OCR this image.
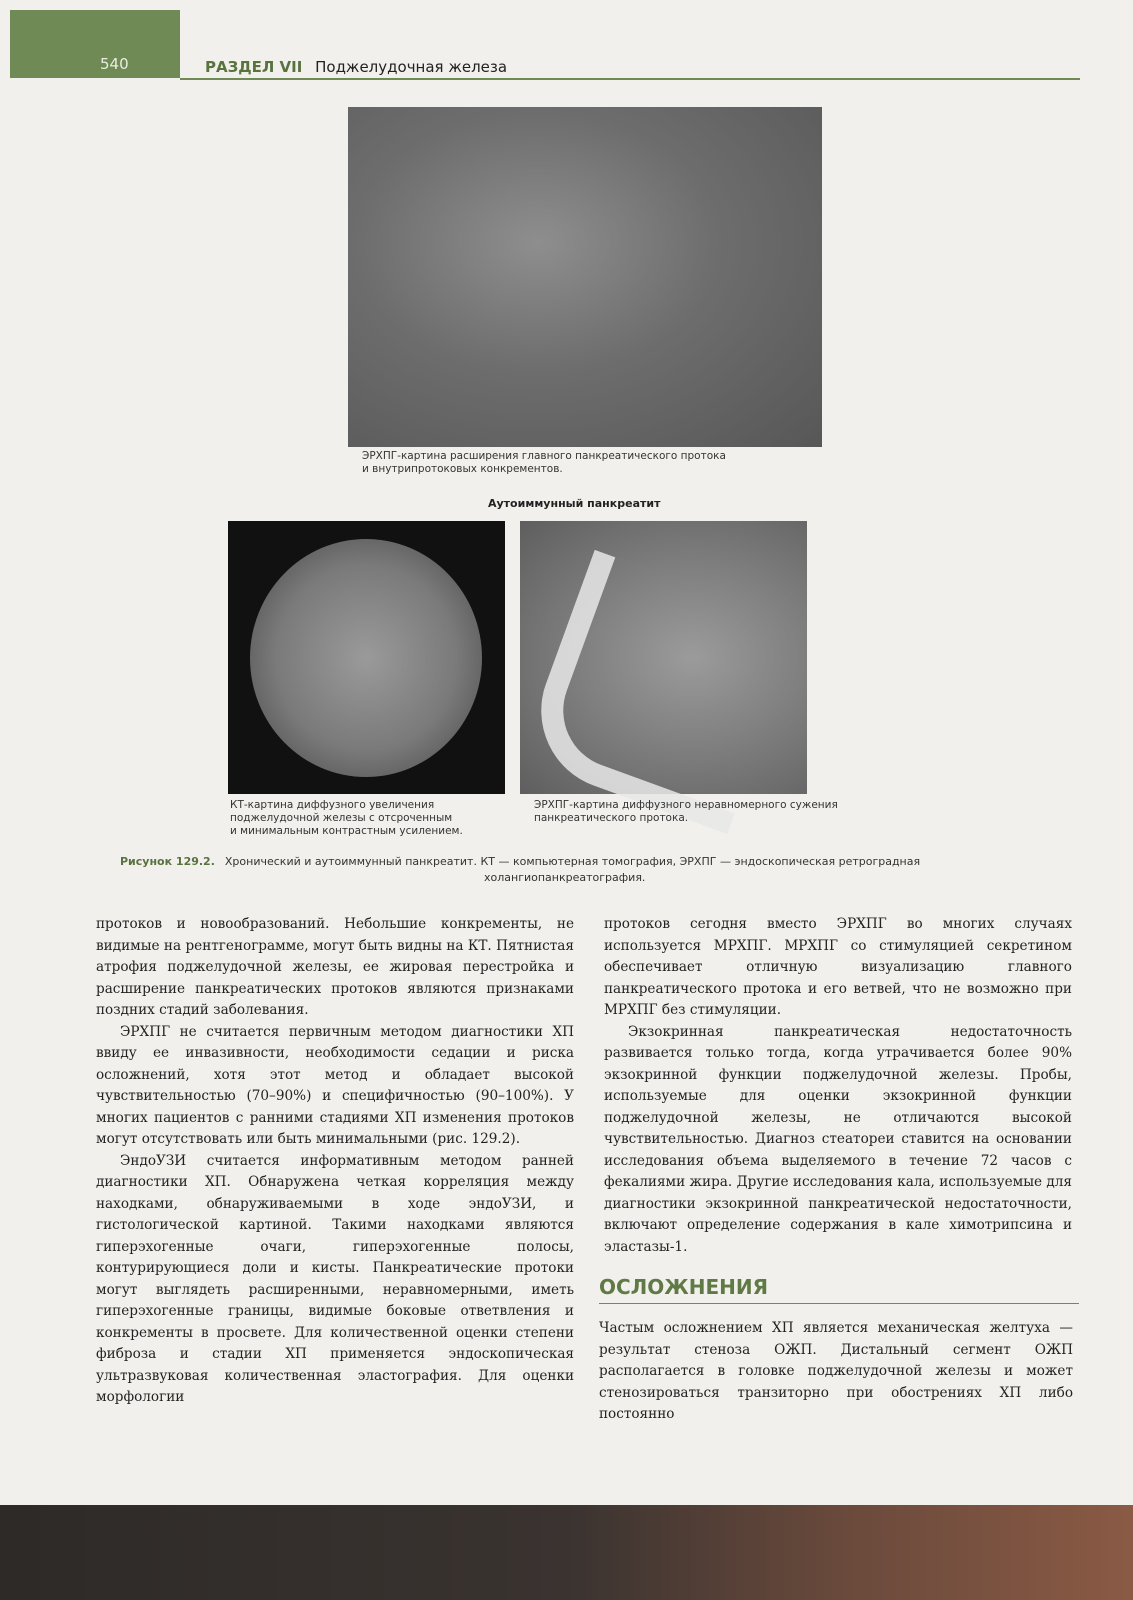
540	РАЗДЕЛ VII Поджелудочная железа
ЭРХПГ-картина расширения главного панкреатического протока
и внутрипротоковых конкрементов.
Аутоиммунный панкреатит
КТ-картина диффузного увеличения
поджелудочной железы с отсроченным
и минимальным контрастным усилением.
ЭРХПГ-картина диффузного неравномерного сужения
панкреатического протока.
Рисунок 129.2. Хронический и аутоиммунный панкреатит. КТ — компьютерная томография, ЭРХПГ — эндоскопическая ретроградная
холангиопанкреатография.

протоков и новообразований. Небольшие конкременты, не видимые на рентгенограмме, могут быть видны на КТ. Пятнистая атрофия поджелудочной железы, ее жировая перестройка и расширение панкреатических протоков являются признаками поздних стадий заболевания.

ЭРХПГ не считается первичным методом диагностики ХП ввиду ее инвазивности, необходимости седации и риска осложнений, хотя этот метод и обладает высокой чувствительностью (70–90%) и специфичностью (90–100%). У многих пациентов с ранними стадиями ХП изменения протоков могут отсутствовать или быть минимальными (рис. 129.2).

ЭндоУЗИ считается информативным методом ранней диагностики ХП. Обнаружена четкая корреляция между находками, обнаруживаемыми в ходе эндоУЗИ, и гистологической картиной. Такими находками являются гиперэхогенные очаги, гиперэхогенные полосы, контурирующиеся доли и кисты. Панкреатические протоки могут выглядеть расширенными, неравномерными, иметь гиперэхогенные границы, видимые боковые ответвления и конкременты в просвете. Для количественной оценки степени фиброза и стадии ХП применяется эндоскопическая ультразвуковая количественная эластография. Для оценки морфологии

протоков сегодня вместо ЭРХПГ во многих случаях используется МРХПГ. МРХПГ со стимуляцией секретином обеспечивает отличную визуализацию главного панкреатического протока и его ветвей, что не возможно при МРХПГ без стимуляции.

Экзокринная панкреатическая недостаточность развивается только тогда, когда утрачивается более 90% экзокринной функции поджелудочной железы. Пробы, используемые для оценки экзокринной функции поджелудочной железы, не отличаются высокой чувствительностью. Диагноз стеатореи ставится на основании исследования объема выделяемого в течение 72 часов с фекалиями жира. Другие исследования кала, используемые для диагностики экзокринной панкреатической недостаточности, включают определение содержания в кале химотрипсина и эластазы-1.

ОСЛОЖНЕНИЯ

Частым осложнением ХП является механическая желтуха — результат стеноза ОЖП. Дистальный сегмент ОЖП располагается в головке поджелудочной железы и может стенозироваться транзиторно при обострениях ХП либо постоянно
